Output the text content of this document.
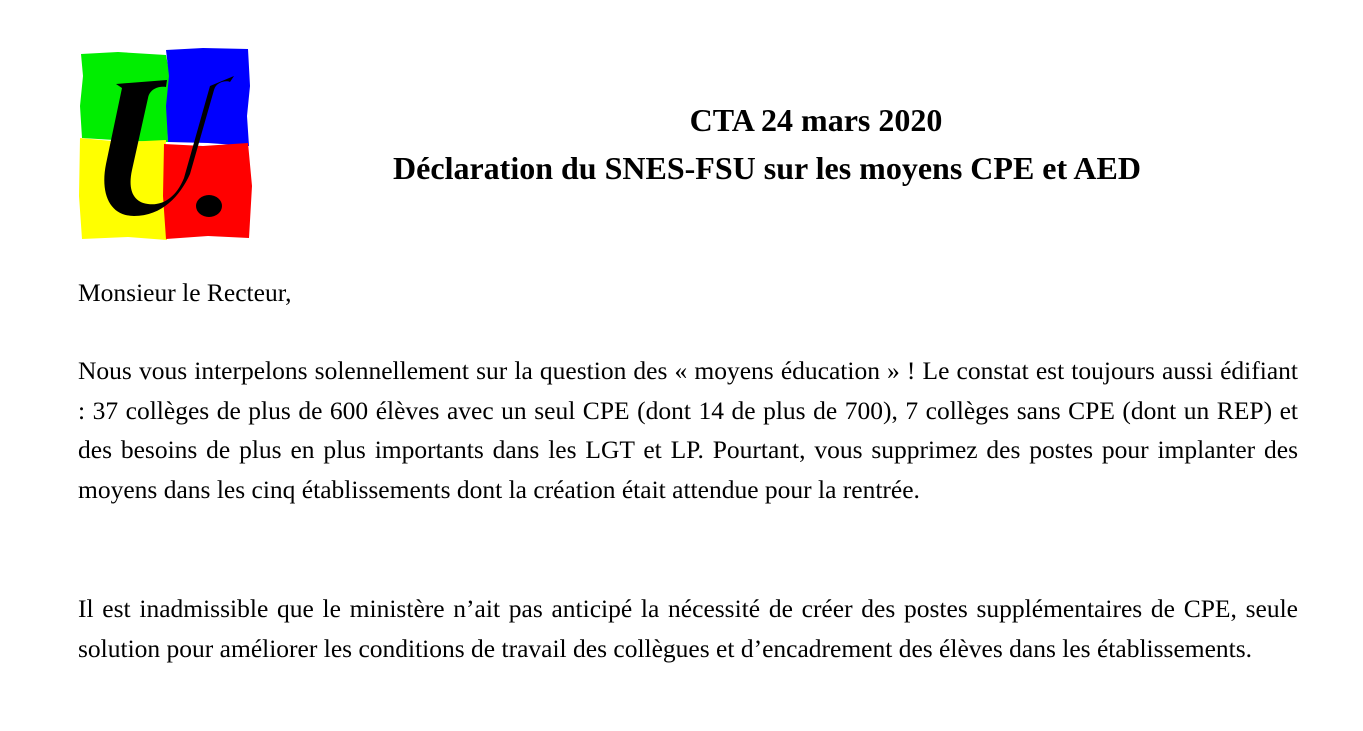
CTA 24 mars 2020
Déclaration du SNES-FSU sur les moyens CPE et AED

Monsieur le Recteur,

Nous vous interpelons solennellement sur la question des « moyens éducation » ! Le constat est toujours aussi édifiant : 37 collèges de plus de 600 élèves avec un seul CPE (dont 14 de plus de 700), 7 collèges sans CPE (dont un REP) et des besoins de plus en plus importants dans les LGT et LP. Pourtant, vous supprimez des postes pour implanter des moyens dans les cinq établissements dont la création était attendue pour la rentrée.

Il est inadmissible que le ministère n’ait pas anticipé la nécessité de créer des postes supplémentaires de CPE, seule solution pour améliorer les conditions de travail des collègues et d’encadrement des élèves dans les établissements.
